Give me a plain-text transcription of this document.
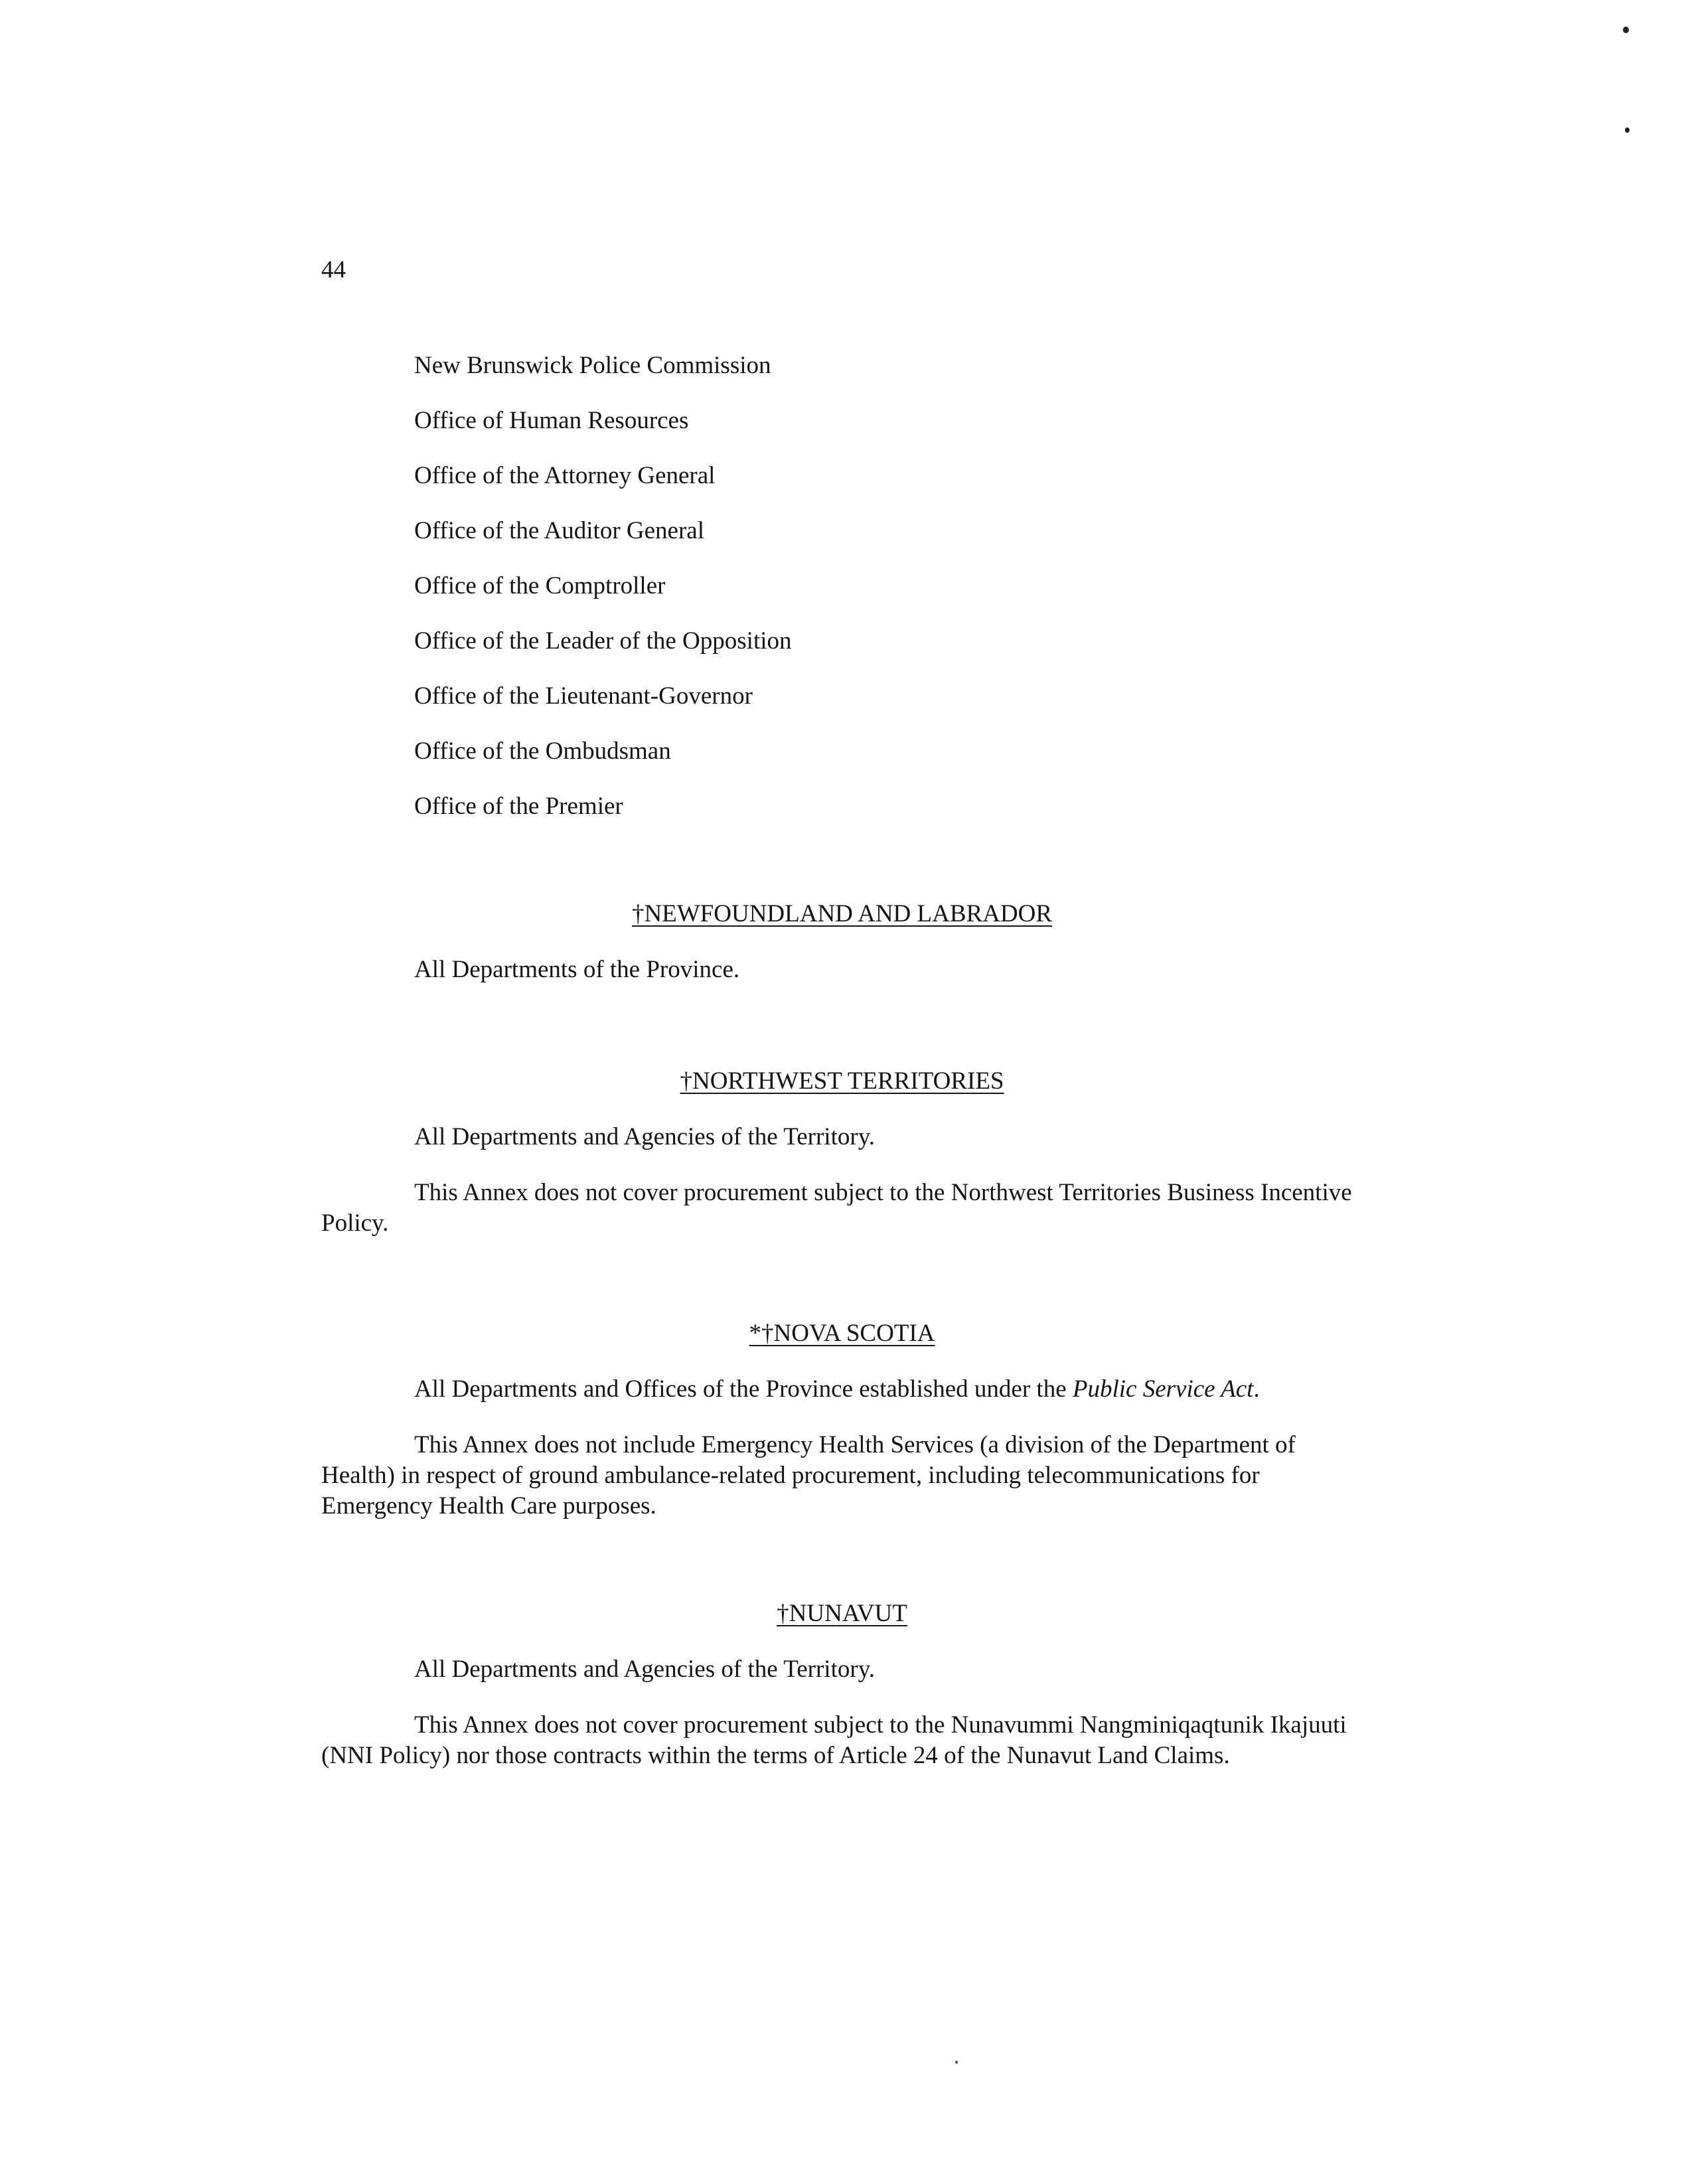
44
New Brunswick Police Commission
Office of Human Resources
Office of the Attorney General
Office of the Auditor General
Office of the Comptroller
Office of the Leader of the Opposition
Office of the Lieutenant-Governor
Office of the Ombudsman
Office of the Premier
†NEWFOUNDLAND AND LABRADOR
All Departments of the Province.
†NORTHWEST TERRITORIES
All Departments and Agencies of the Territory.

This Annex does not cover procurement subject to the Northwest Territories Business Incentive Policy.

*†NOVA SCOTIA
All Departments and Offices of the Province established under the Public Service Act.

This Annex does not include Emergency Health Services (a division of the Department of Health) in respect of ground ambulance-related procurement, including telecommunications for Emergency Health Care purposes.

†NUNAVUT
All Departments and Agencies of the Territory.

This Annex does not cover procurement subject to the Nunavummi Nangminiqaqtunik Ikajuuti (NNI Policy) nor those contracts within the terms of Article 24 of the Nunavut Land Claims.
